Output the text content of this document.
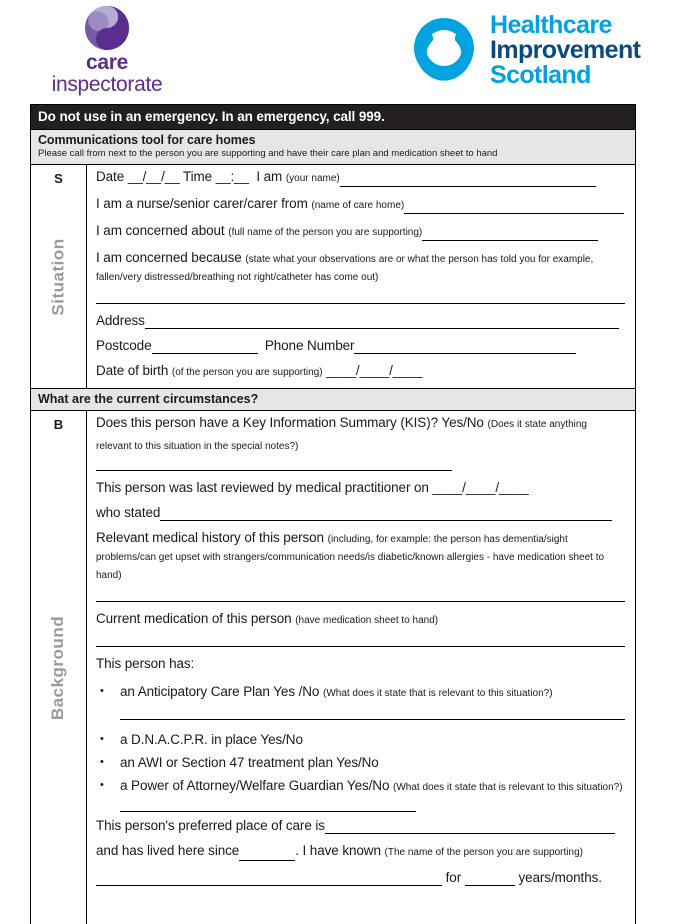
care
inspectorate
Healthcare
Improvement
Scotland
Do not use in an emergency. In an emergency, call 999.
Communications tool for care homes
Please call from next to the person you are supporting and have their care plan and medication sheet to hand
S
Situation
Date __/__/__ Time __:__ I am (your name)
I am a nurse/senior carer/carer from (name of care home)
I am concerned about (full name of the person you are supporting)
I am concerned because (state what your observations are or what the person has told you for example, fallen/very distressed/breathing not right/catheter has come out)
Address
Postcode	Phone Number
Date of birth (of the person you are supporting) ____/____/____
What are the current circumstances?
B
Background
Does this person have a Key Information Summary (KIS)? Yes/No (Does it state anything
relevant to this situation in the special notes?)
This person was last reviewed by medical practitioner on ____/____/____
who stated
Relevant medical history of this person (including, for example: the person has dementia/sight problems/can get upset with strangers/communication needs/is diabetic/known allergies - have medication sheet to hand)
Current medication of this person (have medication sheet to hand)
This person has:
• an Anticipatory Care Plan Yes /No (What does it state that is relevant to this situation?)
• a D.N.A.C.P.R. in place Yes/No
• an AWI or Section 47 treatment plan Yes/No
• a Power of Attorney/Welfare Guardian Yes/No (What does it state that is relevant to this situation?)
This person's preferred place of care is
and has lived here since	. I have known (The name of the person you are supporting)
for	years/months.
